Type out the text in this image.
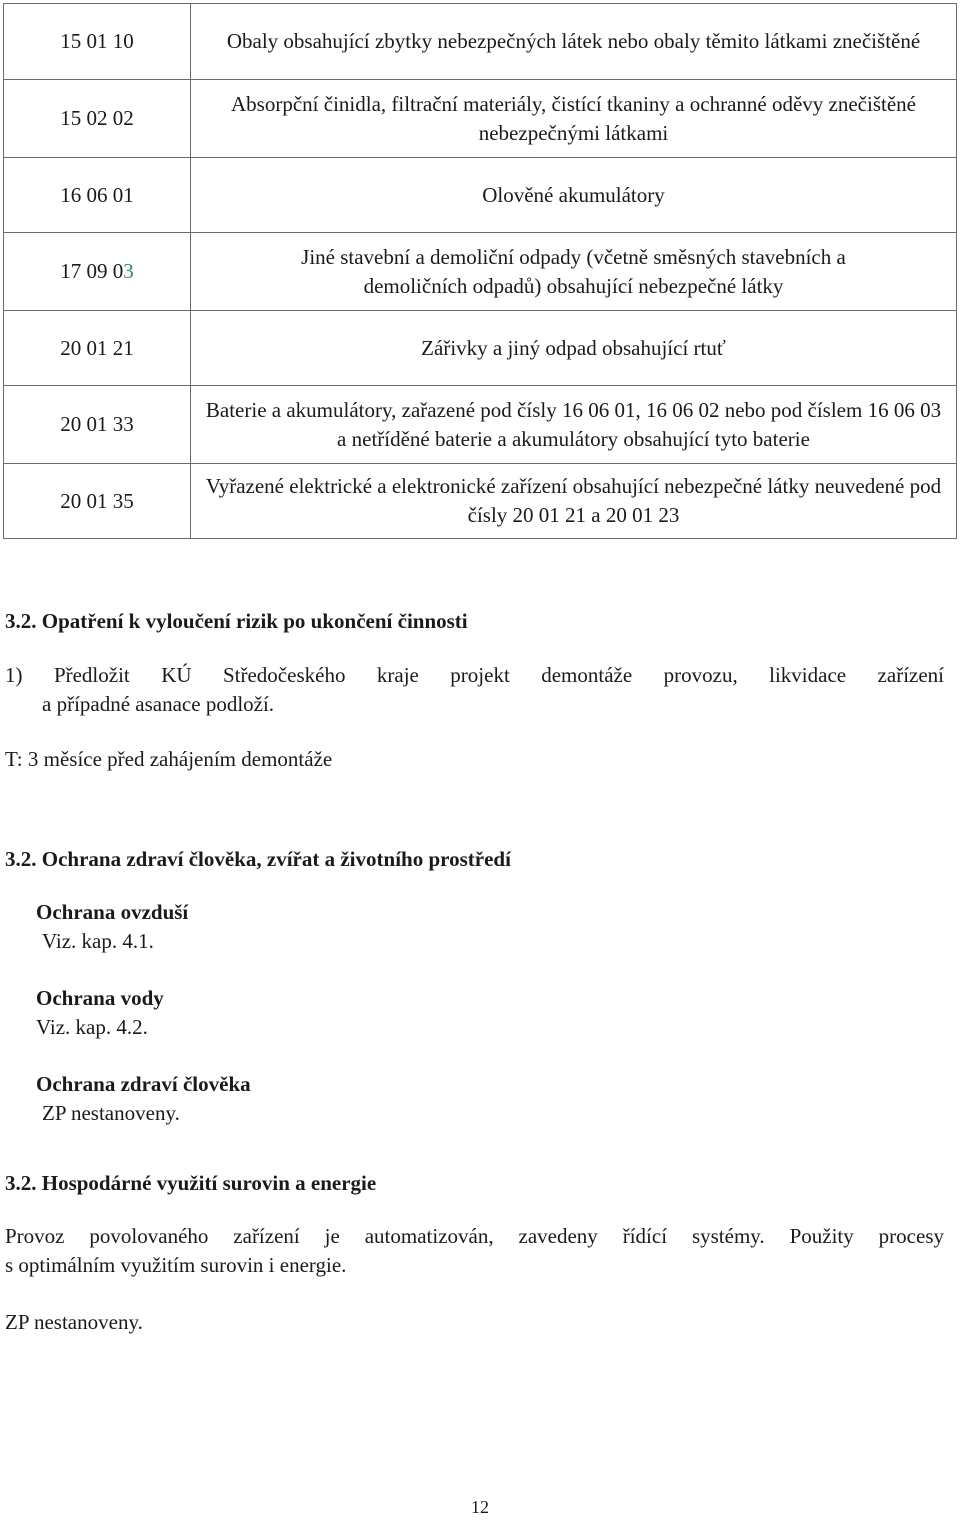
15 01 10	Obaly obsahující zbytky nebezpečných látek nebo obaly těmito látkami znečištěné

15 02 02	Absorpční činidla, filtrační materiály, čistící tkaniny a ochranné oděvy znečištěné nebezpečnými látkami

16 06 01	Olověné akumulátory

17 09 03	Jiné stavební a demoliční odpady (včetně směsných stavebních a demoličních odpadů) obsahující nebezpečné látky

20 01 21	Zářivky a jiný odpad obsahující rtuť

20 01 33	Baterie a akumulátory, zařazené pod čísly 16 06 01, 16 06 02 nebo pod číslem 16 06 03 a netříděné baterie a akumulátory obsahující tyto baterie

20 01 35	Vyřazené elektrické a elektronické zařízení obsahující nebezpečné látky neuvedené pod čísly 20 01 21 a 20 01 23
3.2. Opatření k vyloučení rizik po ukončení činnosti
1) Předložit KÚ Středočeského kraje projekt demontáže provozu, likvidace zařízení
a případné asanace podloží.
T: 3 měsíce před zahájením demontáže
3.2. Ochrana zdraví člověka, zvířat a životního prostředí
Ochrana ovzduší
Viz. kap. 4.1.
Ochrana vody
Viz. kap. 4.2.
Ochrana zdraví člověka
ZP nestanoveny.
3.2. Hospodárné využití surovin a energie
Provoz povolovaného zařízení je automatizován, zavedeny řídící systémy. Použity procesy
s optimálním využitím surovin i energie.
ZP nestanoveny.
12
